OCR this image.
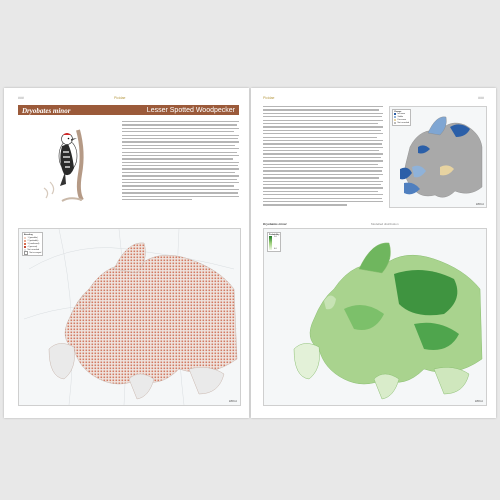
###	Picidae
Dryobates minor	Lesser Spotted Woodpecker
Breeding
1 (possible)
2 (probable)
3 (confirmed)
4 (present)
Not recorded
Not surveyed
EBBA2
Picidae	###
Change
Increase
Stable
Decrease
Not recorded
EBBA2
Dryobates minor	Modelled distribution
Probability
1.0
0.0
EBBA2
